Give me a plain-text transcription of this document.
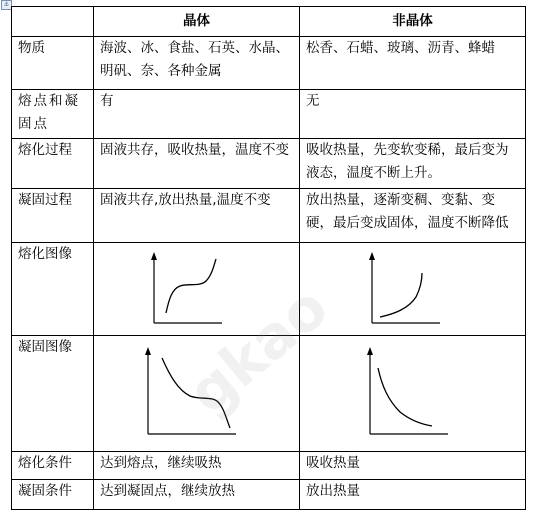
⚓
	晶体	非晶体
物质	海波、冰、食盐、石英、水晶、明矾、奈、各种金属	松香、石蜡、玻璃、沥青、蜂蜡
熔点和凝固点	有	无
熔化过程	固液共存，吸收热量，温度不变	吸收热量，先变软变稀，最后变为液态，温度不断上升。
凝固过程	固液共存,放出热量,温度不变	放出热量，逐渐变稠、变黏、变硬，最后变成固体，温度不断降低
熔化图像	

凝固图像	

熔化条件	达到熔点，继续吸热	吸收热量
凝固条件	达到凝固点，继续放热	放出热量
gkao
